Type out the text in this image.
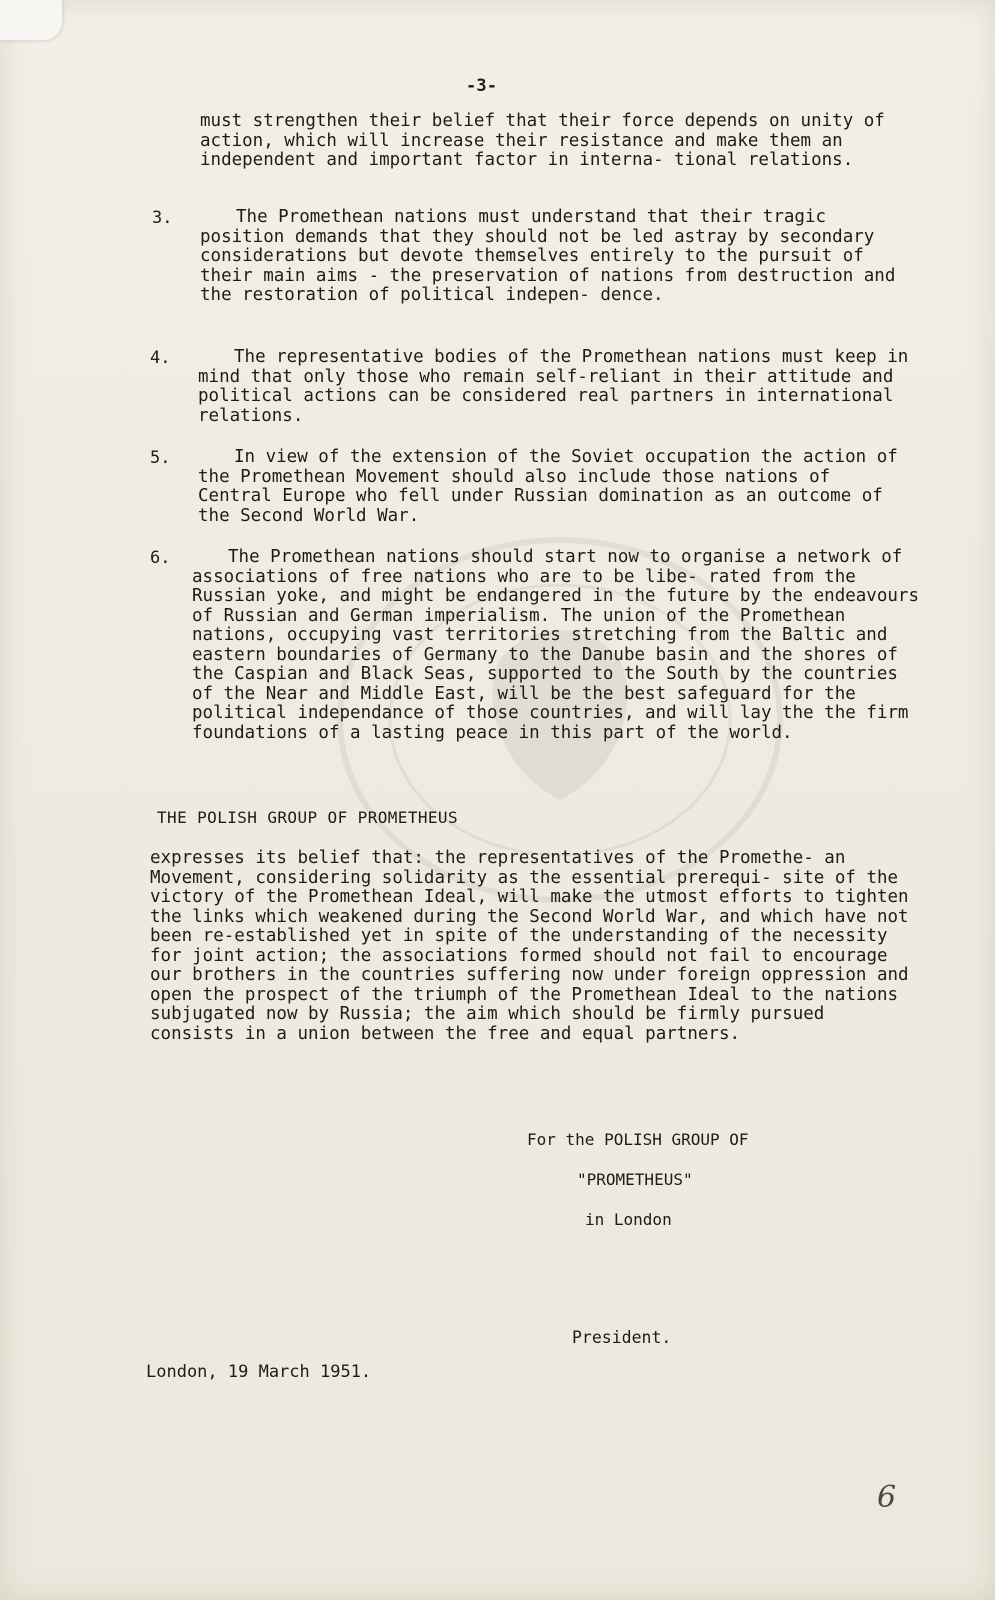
-3-

must strengthen their belief that their force depends on unity of action, which will increase their resistance and make them an independent and important factor in interna- tional relations.

3.	The Promethean nations must understand that their tragic position demands that they should not be led astray by secondary considerations but devote themselves entirely to the pursuit of their main aims - the preservation of nations from destruction and the restoration of political indepen- dence.

4.	The representative bodies of the Promethean nations must keep in mind that only those who remain self-reliant in their attitude and political actions can be considered real partners in international relations.

5.	In view of the extension of the Soviet occupation the action of the Promethean Movement should also include those nations of Central Europe who fell under Russian domination as an outcome of the Second World War.

6.	The Promethean nations should start now to organise a network of associations of free nations who are to be libe- rated from the Russian yoke, and might be endangered in the future by the endeavours of Russian and German imperialism. The union of the Promethean nations, occupying vast territories stretching from the Baltic and eastern boundaries of Germany to the Danube basin and the shores of the Caspian and Black Seas, supported to the South by the countries of the Near and Middle East, will be the best safeguard for the political independance of those countries, and will lay the the firm foundations of a lasting peace in this part of the world.

THE POLISH GROUP OF PROMETHEUS

expresses its belief that: the representatives of the Promethe- an Movement, considering solidarity as the essential prerequi- site of the victory of the Promethean Ideal, will make the utmost efforts to tighten the links which weakened during the Second World War, and which have not been re-established yet in spite of the understanding of the necessity for joint action; the associations formed should not fail to encourage our brothers in the countries suffering now under foreign oppression and open the prospect of the triumph of the Promethean Ideal to the nations subjugated now by Russia; the aim which should be firmly pursued consists in a union between the free and equal partners.

For the POLISH GROUP OF
"PROMETHEUS"
in London
President.
London, 19 March 1951.
6
